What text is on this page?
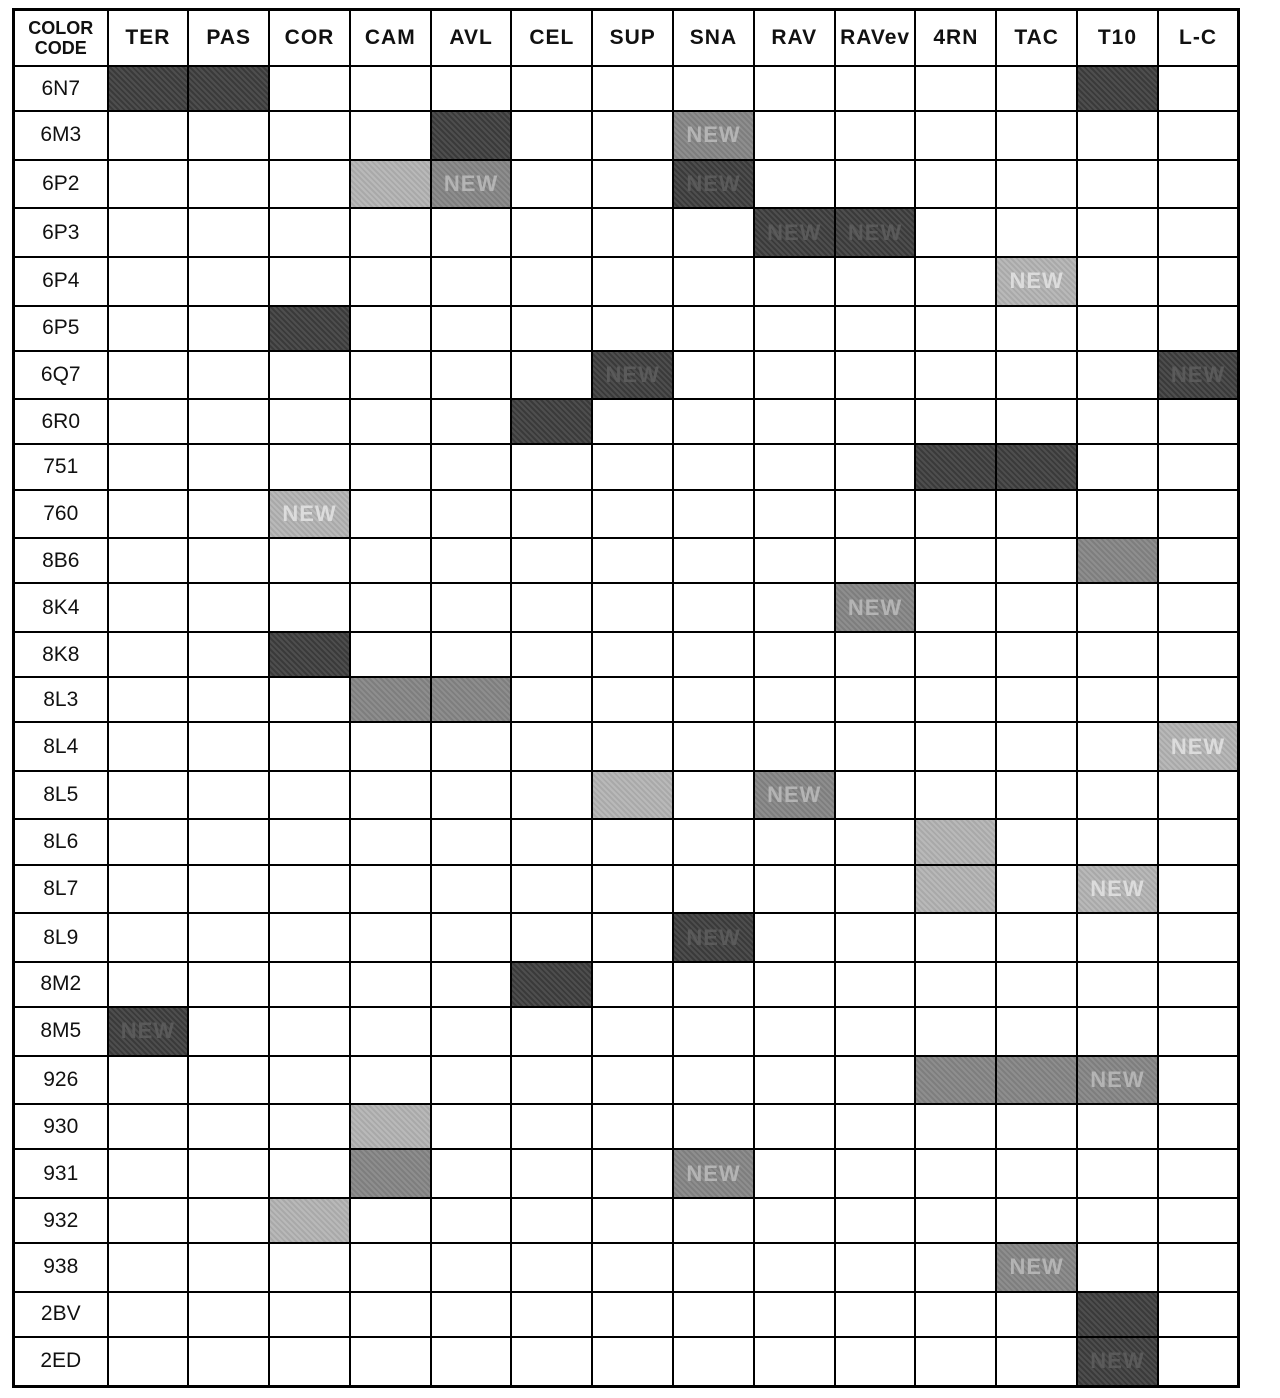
COLOR CODE	TER	PAS	COR	CAM	AVL	CEL	SUP	SNA	RAV	RAVev	4RN	TAC	T10	L-C
6N7														
6M3								NEW						
6P2					NEW			NEW						
6P3									NEW	NEW				
6P4												NEW		
6P5														
6Q7							NEW							NEW
6R0														
751														
760			NEW											
8B6														
8K4										NEW				
8K8														
8L3														
8L4														NEW
8L5									NEW					
8L6														
8L7													NEW	
8L9								NEW						
8M2														
8M5	NEW													
926													NEW	
930														
931								NEW						
932														
938												NEW		
2BV														
2ED													NEW	
